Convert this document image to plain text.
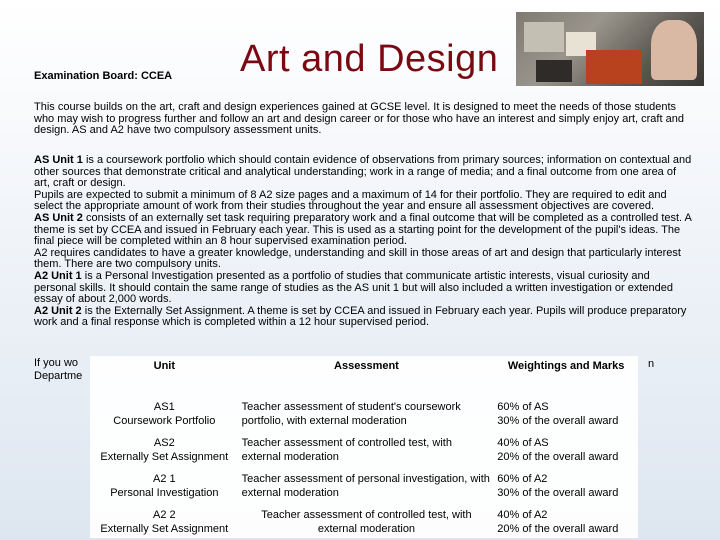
Examination Board: CCEA Art and Design

This course builds on the art, craft and design experiences gained at GCSE level. It is designed to meet the needs of those students who may wish to progress further and follow an art and design career or for those who have an interest and simply enjoy art, craft and design. AS and A2 have two compulsory assessment units.

AS Unit 1 is a coursework portfolio which should contain evidence of observations from primary sources; information on contextual and other sources that demonstrate critical and analytical understanding; work in a range of media; and a final outcome from one area of art, craft or design.

Pupils are expected to submit a minimum of 8 A2 size pages and a maximum of 14 for their portfolio. They are required to edit and select the appropriate amount of work from their studies throughout the year and ensure all assessment objectives are covered.

AS Unit 2 consists of an externally set task requiring preparatory work and a final outcome that will be completed as a controlled test. A theme is set by CCEA and issued in February each year. This is used as a starting point for the development of the pupil's ideas. The final piece will be completed within an 8 hour supervised examination period.

A2 requires candidates to have a greater knowledge, understanding and skill in those areas of art and design that particularly interest them. There are two compulsory units.

A2 Unit 1 is a Personal Investigation presented as a portfolio of studies that communicate artistic interests, visual curiosity and personal skills. It should contain the same range of studies as the AS unit 1 but will also included a written investigation or extended essay of about 2,000 words.

A2 Unit 2 is the Externally Set Assignment. A theme is set by CCEA and issued in February each year. Pupils will produce preparatory work and a final response which is completed within a 12 hour supervised period.

If you wo
Departme
n
Unit	Assessment	Weightings and Marks

AS1
Coursework Portfolio	Teacher assessment of student's coursework portfolio, with external moderation	60% of AS
30% of the overall award

AS2
Externally Set Assignment	Teacher assessment of controlled test, with external moderation	40% of AS
20% of the overall award

A2 1
Personal Investigation	Teacher assessment of personal investigation, with external moderation	60% of A2
30% of the overall award

A2 2
Externally Set Assignment	Teacher assessment of controlled test, with external moderation	40% of A2
20% of the overall award
